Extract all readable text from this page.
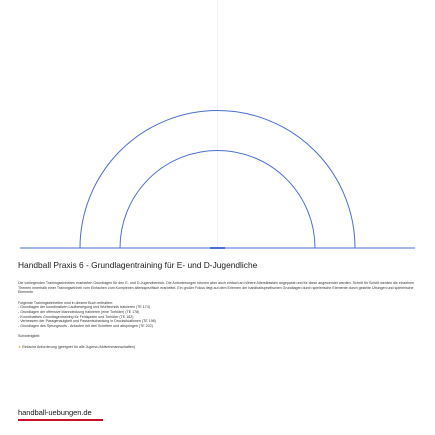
Handball Praxis 6 - Grundlagentraining für E- und D-Jugendliche

Die vorliegenden Trainingseinheiten erarbeiten Grundlagen für den E- und D-Jugendbereich. Die Anforderungen können aber auch einfach an höhere Altersklassen angepasst und für diese angewendet werden. Schritt für Schritt werden die einzelnen Themen innerhalb einer Trainingseinheit vom Einfachen zum Komplexen altersspezifisch erarbeitet. Ein großer Fokus liegt auf dem Erlernen der handballspezifischen Grundlagen durch spielerische Elemente durch gezielte Übungen und spielerische Elemente.

Folgende Trainingseinheiten sind in diesem Buch enthalten:

- Grundlagen der koordinativen Laufbewegung und Wurftechnik trainieren (TE 174)
- Grundlagen der offensive Manndeckung trainieren (eine Torhüter) (TE 178)
- Koordinatives Grundlagentraining für Feldspieler und Torhüter (TE 182)
- Verbessern der Passgenauigkeit und Passentscheidung in Drucksituationen (TE 198)
- Grundlagen des Sprungwurfs - Anlaufen mit drei Schritten und abspringen (TE 202)

Schwierigkeit:

★ Einfache Anforderung (geeignet für alle Jugend-/Aktivenmannschaften)

handball-uebungen.de
